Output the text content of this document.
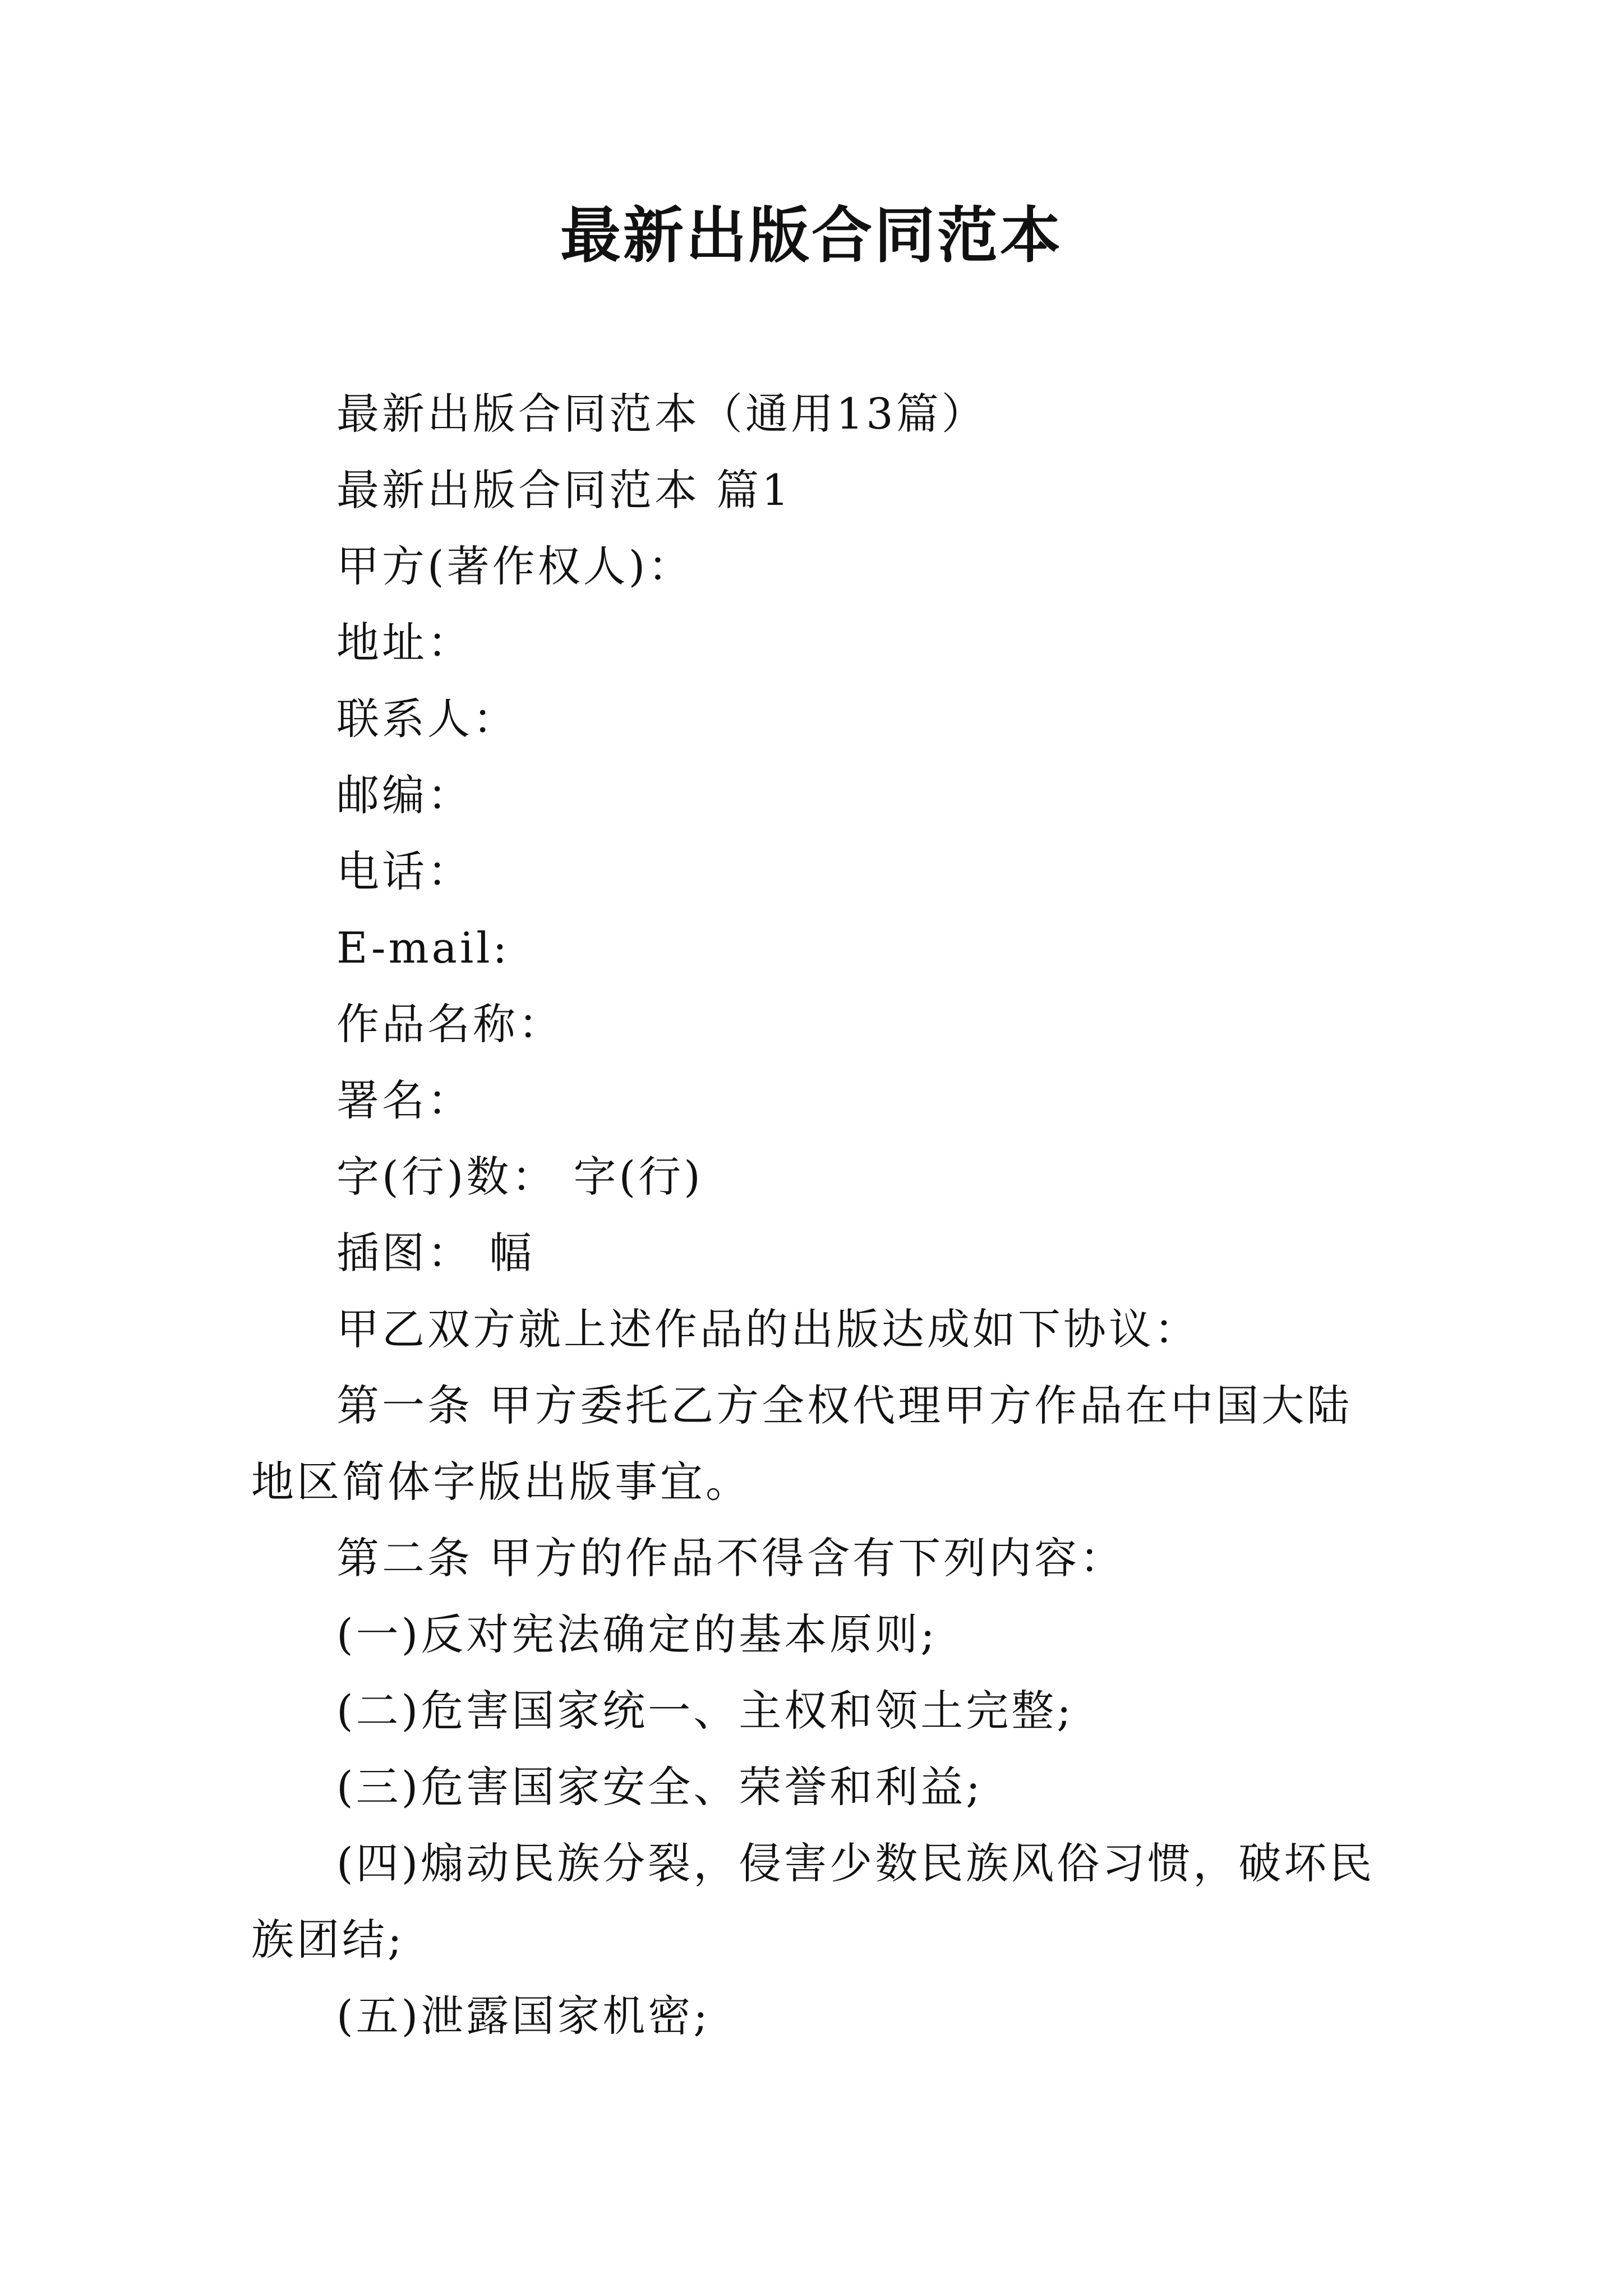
最新出版合同范本

最新出版合同范本（通用13篇）

最新出版合同范本 篇1

甲方(著作权人)：

地址：

联系人：

邮编：

电话：

E-mail:

作品名称：

署名：

字(行)数： 字(行)

插图： 幅

甲乙双方就上述作品的出版达成如下协议：

第一条 甲方委托乙方全权代理甲方作品在中国大陆地区简体字版出版事宜。

第二条 甲方的作品不得含有下列内容：

(一)反对宪法确定的基本原则;

(二)危害国家统一、主权和领土完整;

(三)危害国家安全、荣誉和利益;

(四)煽动民族分裂，侵害少数民族风俗习惯，破坏民族团结;

(五)泄露国家机密;
